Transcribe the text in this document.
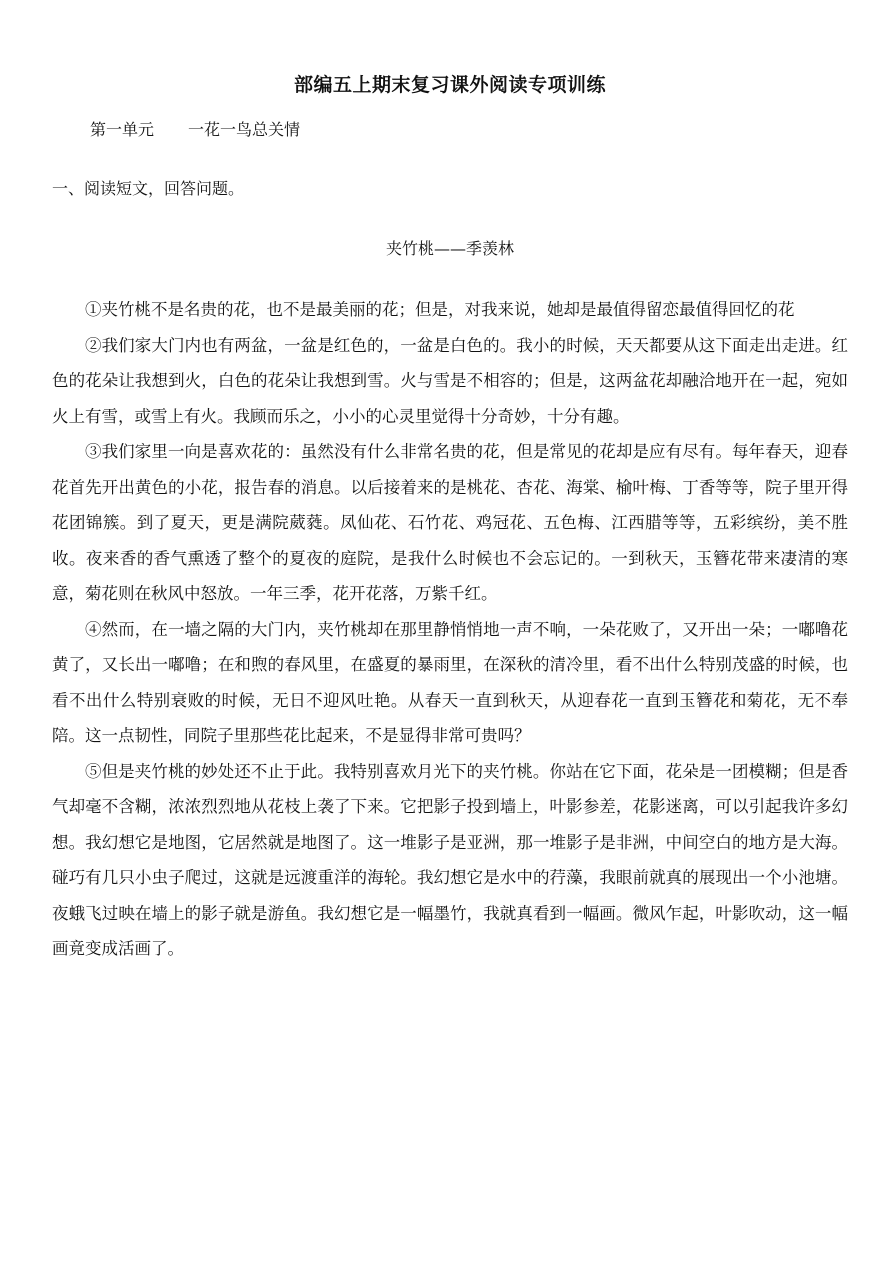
部编五上期末复习课外阅读专项训练
第一单元 一花一鸟总关情
一、阅读短文，回答问题。
夹竹桃——季羡林

①夹竹桃不是名贵的花，也不是最美丽的花；但是，对我来说，她却是最值得留恋最值得回忆的花

②我们家大门内也有两盆，一盆是红色的，一盆是白色的。我小的时候，天天都要从这下面走出走进。红色的花朵让我想到火，白色的花朵让我想到雪。火与雪是不相容的；但是，这两盆花却融洽地开在一起，宛如火上有雪，或雪上有火。我顾而乐之，小小的心灵里觉得十分奇妙，十分有趣。

③我们家里一向是喜欢花的：虽然没有什么非常名贵的花，但是常见的花却是应有尽有。每年春天，迎春花首先开出黄色的小花，报告春的消息。以后接着来的是桃花、杏花、海棠、榆叶梅、丁香等等，院子里开得花团锦簇。到了夏天，更是满院葳蕤。凤仙花、石竹花、鸡冠花、五色梅、江西腊等等，五彩缤纷，美不胜收。夜来香的香气熏透了整个的夏夜的庭院，是我什么时候也不会忘记的。一到秋天，玉簪花带来凄清的寒意，菊花则在秋风中怒放。一年三季，花开花落，万紫千红。

④然而，在一墙之隔的大门内，夹竹桃却在那里静悄悄地一声不响，一朵花败了，又开出一朵；一嘟噜花黄了，又长出一嘟噜；在和煦的春风里，在盛夏的暴雨里，在深秋的清冷里，看不出什么特别茂盛的时候，也看不出什么特别衰败的时候，无日不迎风吐艳。从春天一直到秋天，从迎春花一直到玉簪花和菊花，无不奉陪。这一点韧性，同院子里那些花比起来，不是显得非常可贵吗？

⑤但是夹竹桃的妙处还不止于此。我特别喜欢月光下的夹竹桃。你站在它下面，花朵是一团模糊；但是香气却毫不含糊，浓浓烈烈地从花枝上袭了下来。它把影子投到墙上，叶影参差，花影迷离，可以引起我许多幻想。我幻想它是地图，它居然就是地图了。这一堆影子是亚洲，那一堆影子是非洲，中间空白的地方是大海。碰巧有几只小虫子爬过，这就是远渡重洋的海轮。我幻想它是水中的荇藻，我眼前就真的展现出一个小池塘。夜蛾飞过映在墙上的影子就是游鱼。我幻想它是一幅墨竹，我就真看到一幅画。微风乍起，叶影吹动，这一幅画竟变成活画了。
